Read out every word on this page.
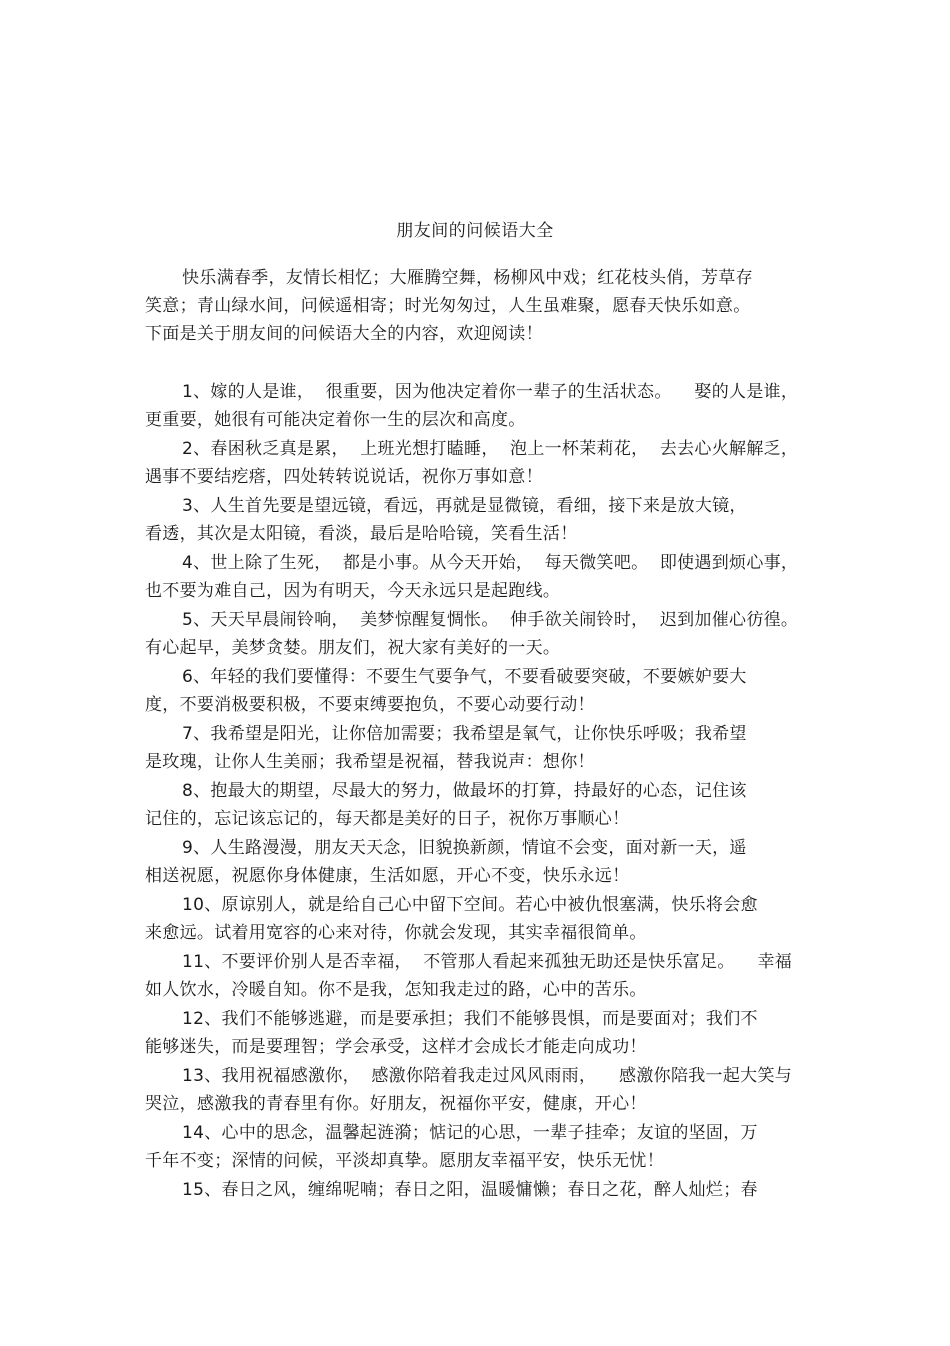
朋友间的问候语大全
快乐满春季，友情长相忆；大雁腾空舞，杨柳风中戏；红花枝头俏，芳草存
笑意；青山绿水间，问候遥相寄；时光匆匆过，人生虽难聚，愿春天快乐如意。
下面是关于朋友间的问候语大全的内容，欢迎阅读！
1、嫁的人是谁，  很重要，因为他决定着你一辈子的生活状态。    娶的人是谁，
更重要，她很有可能决定着你一生的层次和高度。
2、春困秋乏真是累，  上班光想打瞌睡，  泡上一杯茉莉花，  去去心火解解乏，
遇事不要结疙瘩，四处转转说说话，祝你万事如意！
3、人生首先要是望远镜，看远，再就是显微镜，看细，接下来是放大镜，
看透，其次是太阳镜，看淡，最后是哈哈镜，笑看生活！
4、世上除了生死，  都是小事。从今天开始，  每天微笑吧。  即使遇到烦心事，
也不要为难自己，因为有明天，今天永远只是起跑线。
5、天天早晨闹铃响，  美梦惊醒复惆怅。  伸手欲关闹铃时，  迟到加催心彷徨。
有心起早，美梦贪婪。朋友们，祝大家有美好的一天。
6、年轻的我们要懂得：不要生气要争气，不要看破要突破，不要嫉妒要大
度，不要消极要积极，不要束缚要抱负，不要心动要行动！
7、我希望是阳光，让你倍加需要；我希望是氧气，让你快乐呼吸；我希望
是玫瑰，让你人生美丽；我希望是祝福，替我说声：想你！
8、抱最大的期望，尽最大的努力，做最坏的打算，持最好的心态，记住该
记住的，忘记该忘记的，每天都是美好的日子，祝你万事顺心！
9、人生路漫漫，朋友天天念，旧貌换新颜，情谊不会变，面对新一天，遥
相送祝愿，祝愿你身体健康，生活如愿，开心不变，快乐永远！
10、原谅别人，就是给自己心中留下空间。若心中被仇恨塞满，快乐将会愈
来愈远。试着用宽容的心来对待，你就会发现，其实幸福很简单。
11、不要评价别人是否幸福，  不管那人看起来孤独无助还是快乐富足。    幸福
如人饮水，冷暖自知。你不是我，怎知我走过的路，心中的苦乐。
12、我们不能够逃避，而是要承担；我们不能够畏惧，而是要面对；我们不
能够迷失，而是要理智；学会承受，这样才会成长才能走向成功！
13、我用祝福感激你，  感激你陪着我走过风风雨雨，    感激你陪我一起大笑与
哭泣，感激我的青春里有你。好朋友，祝福你平安，健康，开心！
14、心中的思念，温馨起涟漪；惦记的心思，一辈子挂牵；友谊的坚固，万
千年不变；深情的问候，平淡却真挚。愿朋友幸福平安，快乐无忧！
15、春日之风，缠绵呢喃；春日之阳，温暖慵懒；春日之花，醉人灿烂；春
